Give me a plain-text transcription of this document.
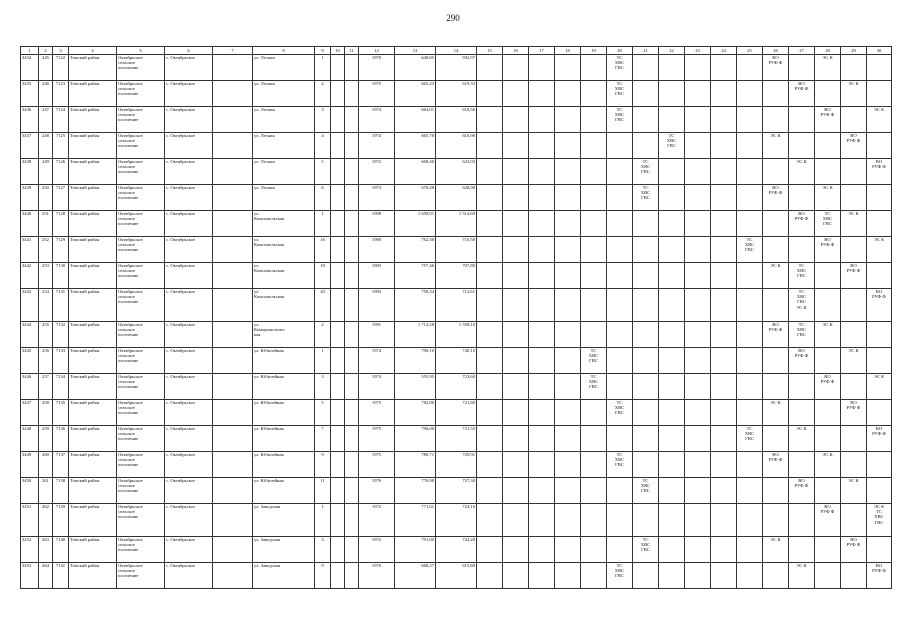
290
1	2	3	4	5	6	7	8	9	10	11	12	13	14	15	16	17	18	19	20	21	22	23	24	25	26	27	28	29	30
3434	245	7122	Томский район	Октябрьское
сельское
поселение	с. Октябрьское		ул. Лесная	1			1970	648,85	592,97						ТС
ХВС
ГВС						ВО
РУФ Ф		ЭС К		

3435	246	7123	Томский район	Октябрьское
сельское
поселение	с. Октябрьское		ул. Лесная	2			1975	665,23	619,33						ТС
ХВС
ГВС							ВО
РУФ Ф		ЭС К	

3436	247	7124	Томский район	Октябрьское
сельское
поселение	с. Октябрьское		ул. Лесная	3			1974	664,01	618,56						ТС
ХВС
ГВС								ВО
РУФ Ф		ЭС К

3437	248	7125	Томский район	Октябрьское
сельское
поселение	с. Октябрьское		ул. Лесная	4			1974	665,70	616,90								ТС
ХВС
ГВС				ЭС К			ВО
РУФ Ф	

3438	249	7126	Томский район	Октябрьское
сельское
поселение	с. Октябрьское		ул. Лесная	5			1972	668,40	623,03							ТС
ХВС
ГВС						ЭС К			ВО
РУФ Ф

3439	250	7127	Томский район	Октябрьское
сельское
поселение	с. Октябрьское		ул. Лесная	6			1973	676,48	628,90							ТС
ХВС
ГВС					ВО
РУФ Ф		ЭС К		

3440	251	7128	Томский район	Октябрьское
сельское
поселение	с. Октябрьское		ул.
Комсомольская	1			1998	1 659,01	1 514,69													ВО
РУФ Ф	ТС
ХВС
ГВС	ЭС К	

3441	252	7129	Томский район	Октябрьское
сельское
поселение	с. Октябрьское		ул.
Комсомольская	16			1980	762,30	710,50											ТС
ХВС
ГВС			ВО
РУФ Ф		ЭС К

3442	253	7130	Томский район	Октябрьское
сельское
поселение	с. Октябрьское		ул.
Комсомольская	18			1983	757,46	707,80												ЭС К	ТС
ХВС
ГВС		ВО
РУФ Ф	

3443	254	7131	Томский район	Октябрьское
сельское
поселение	с. Октябрьское		ул.
Комсомольская	20			1983	758,34	712,61													ТС
ХВС
ГВС
ЭС К			ВО
РУФ Ф

3444	255	7132	Томский район	Октябрьское
сельское
поселение	с. Октябрьское		ул.
Коммунистичес
кая	2			1991	1 714,28	1 558,10												ВО
РУФ Ф	ТС
ХВС
ГВС	ЭС К		

3445	256	7133	Томский район	Октябрьское
сельское
поселение	с. Октябрьское		ул. Юбилейная	1			1974	790,10	740,15					ТС
ХВС
ГВС								ВО
РУФ Ф		ЭС К	

3446	257	7134	Томский район	Октябрьское
сельское
поселение	с. Октябрьское		ул. Юбилейная	3			1974	555,95	723,60					ТС
ХВС
ГВС									ВО
РУФ Ф		ЭС К

3447	258	7135	Томский район	Октябрьское
сельское
поселение	с. Октябрьское		ул. Юбилейная	5			1975	782,80	721,80						ТС
ХВС
ГВС						ЭС К			ВО
РУФ Ф	

3448	259	7136	Томский район	Октябрьское
сельское
поселение	с. Октябрьское		ул. Юбилейная	7			1975	796,00	731,55											ТС
ХВС
ГВС		ЭС К			ВО
РУФ Ф

3449	260	7137	Томский район	Октябрьское
сельское
поселение	с. Октябрьское		ул. Юбилейная	9			1975	780,71	729,91						ТС
ХВС
ГВС						ВО
РУФ Ф		ЭС К		

3450	261	7138	Томский район	Октябрьское
сельское
поселение	с. Октябрьское		ул. Юбилейная	11			1976	776,98	727,30							ТС
ХВС
ГВС						ВО
РУФ Ф		ЭС К	

3451	262	7139	Томский район	Октябрьское
сельское
поселение	с. Октябрьское		ул. Заводская	1			1972	771,61	724,10														ВО
РУФ Ф		ЭС К
ТС
ХВС
ГВС

3452	263	7140	Томский район	Октябрьское
сельское
поселение	с. Октябрьское		ул. Заводская	3			1972	791,00	742,20							ТС
ХВС
ГВС					ЭС К			ВО
РУФ Ф	

3453	264	7141	Томский район	Октябрьское
сельское
поселение	с. Октябрьское		ул. Заводская	9			1970	668,27	615,80						ТС
ХВС
ГВС							ЭС К			ВО
РУФ Ф
